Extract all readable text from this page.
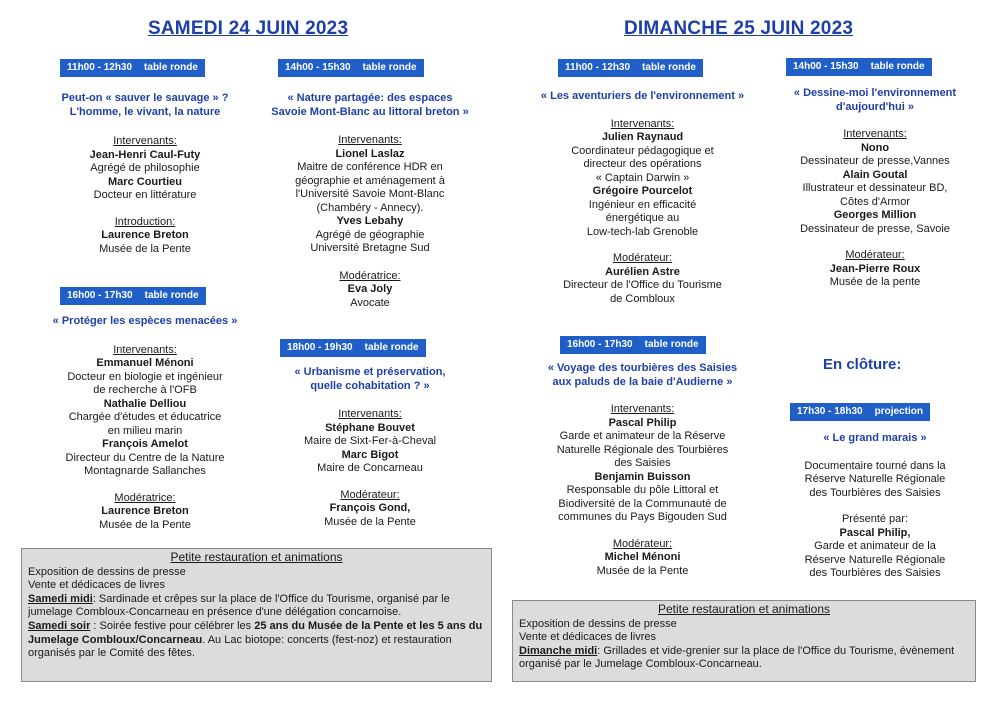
SAMEDI 24 JUIN 2023
11h00 - 12h30 table ronde
Peut-on « sauver le sauvage » ?
L'homme, le vivant, la nature
Intervenants:
Jean-Henri Caul-Futy
Agrégé de philosophie
Marc Courtieu
Docteur en littérature
Introduction:
Laurence Breton
Musée de la Pente
14h00 - 15h30 table ronde
« Nature partagée: des espaces
Savoie Mont-Blanc au littoral breton »
Intervenants:
Lionel Laslaz
Maitre de conférence HDR en
géographie et aménagement à
l'Université Savoie Mont-Blanc
(Chambéry - Annecy).
Yves Lebahy
Agrégé de géographie
Université Bretagne Sud
Modératrice:
Eva Joly
Avocate
16h00 - 17h30 table ronde
« Protéger les espèces menacées »
Intervenants:
Emmanuel Ménoni
Docteur en biologie et ingénieur
de recherche à l'OFB
Nathalie Delliou
Chargée d'études et éducatrice
en milieu marin
François Amelot
Directeur du Centre de la Nature
Montagnarde Sallanches
Modératrice:
Laurence Breton
Musée de la Pente
18h00 - 19h30 table ronde
« Urbanisme et préservation,
quelle cohabitation ? »
Intervenants:
Stéphane Bouvet
Maire de Sixt-Fer-à-Cheval
Marc Bigot
Maire de Concarneau
Modérateur:
François Gond,
Musée de la Pente
Petite restauration et animations
Exposition de dessins de presse
Vente et dédicaces de livres
Samedi midi: Sardinade et crêpes sur la place de l'Office du Tourisme, organisé par le jumelage Combloux-Concarneau en présence d'une délégation concarnoise.
Samedi soir : Soirée festive pour célébrer les 25 ans du Musée de la Pente et les 5 ans du Jumelage Combloux/Concarneau. Au Lac biotope: concerts (fest-noz) et restauration organisés par le Comité des fêtes.
DIMANCHE 25 JUIN 2023
11h00 - 12h30 table ronde
« Les aventuriers de l'environnement »
Intervenants:
Julien Raynaud
Coordinateur pédagogique et
directeur des opérations
« Captain Darwin »
Grégoire Pourcelot
Ingénieur en efficacité
énergétique au
Low-tech-lab Grenoble
Modérateur:
Aurélien Astre
Directeur de l'Office du Tourisme
de Combloux
14h00 - 15h30 table ronde
« Dessine-moi l'environnement
d'aujourd'hui »
Intervenants:
Nono
Dessinateur de presse,Vannes
Alain Goutal
Illustrateur et dessinateur BD,
Côtes d'Armor
Georges Million
Dessinateur de presse, Savoie
Modérateur:
Jean-Pierre Roux
Musée de la pente
16h00 - 17h30 table ronde
« Voyage des tourbières des Saisies
aux paluds de la baie d'Audierne »
Intervenants:
Pascal Philip
Garde et animateur de la Réserve
Naturelle Régionale des Tourbières
des Saisies
Benjamin Buisson
Responsable du pôle Littoral et
Biodiversité de la Communauté de
communes du Pays Bigouden Sud
Modérateur:
Michel Ménoni
Musée de la Pente
En clôture:
17h30 - 18h30 projection
« Le grand marais »
Documentaire tourné dans la
Réserve Naturelle Régionale
des Tourbières des Saisies
Présenté par:
Pascal Philip,
Garde et animateur de la
Réserve Naturelle Régionale
des Tourbières des Saisies
Petite restauration et animations
Exposition de dessins de presse
Vente et dédicaces de livres
Dimanche midi: Grillades et vide-grenier sur la place de l'Office du Tourisme, évènement organisé par le Jumelage Combloux-Concarneau.
